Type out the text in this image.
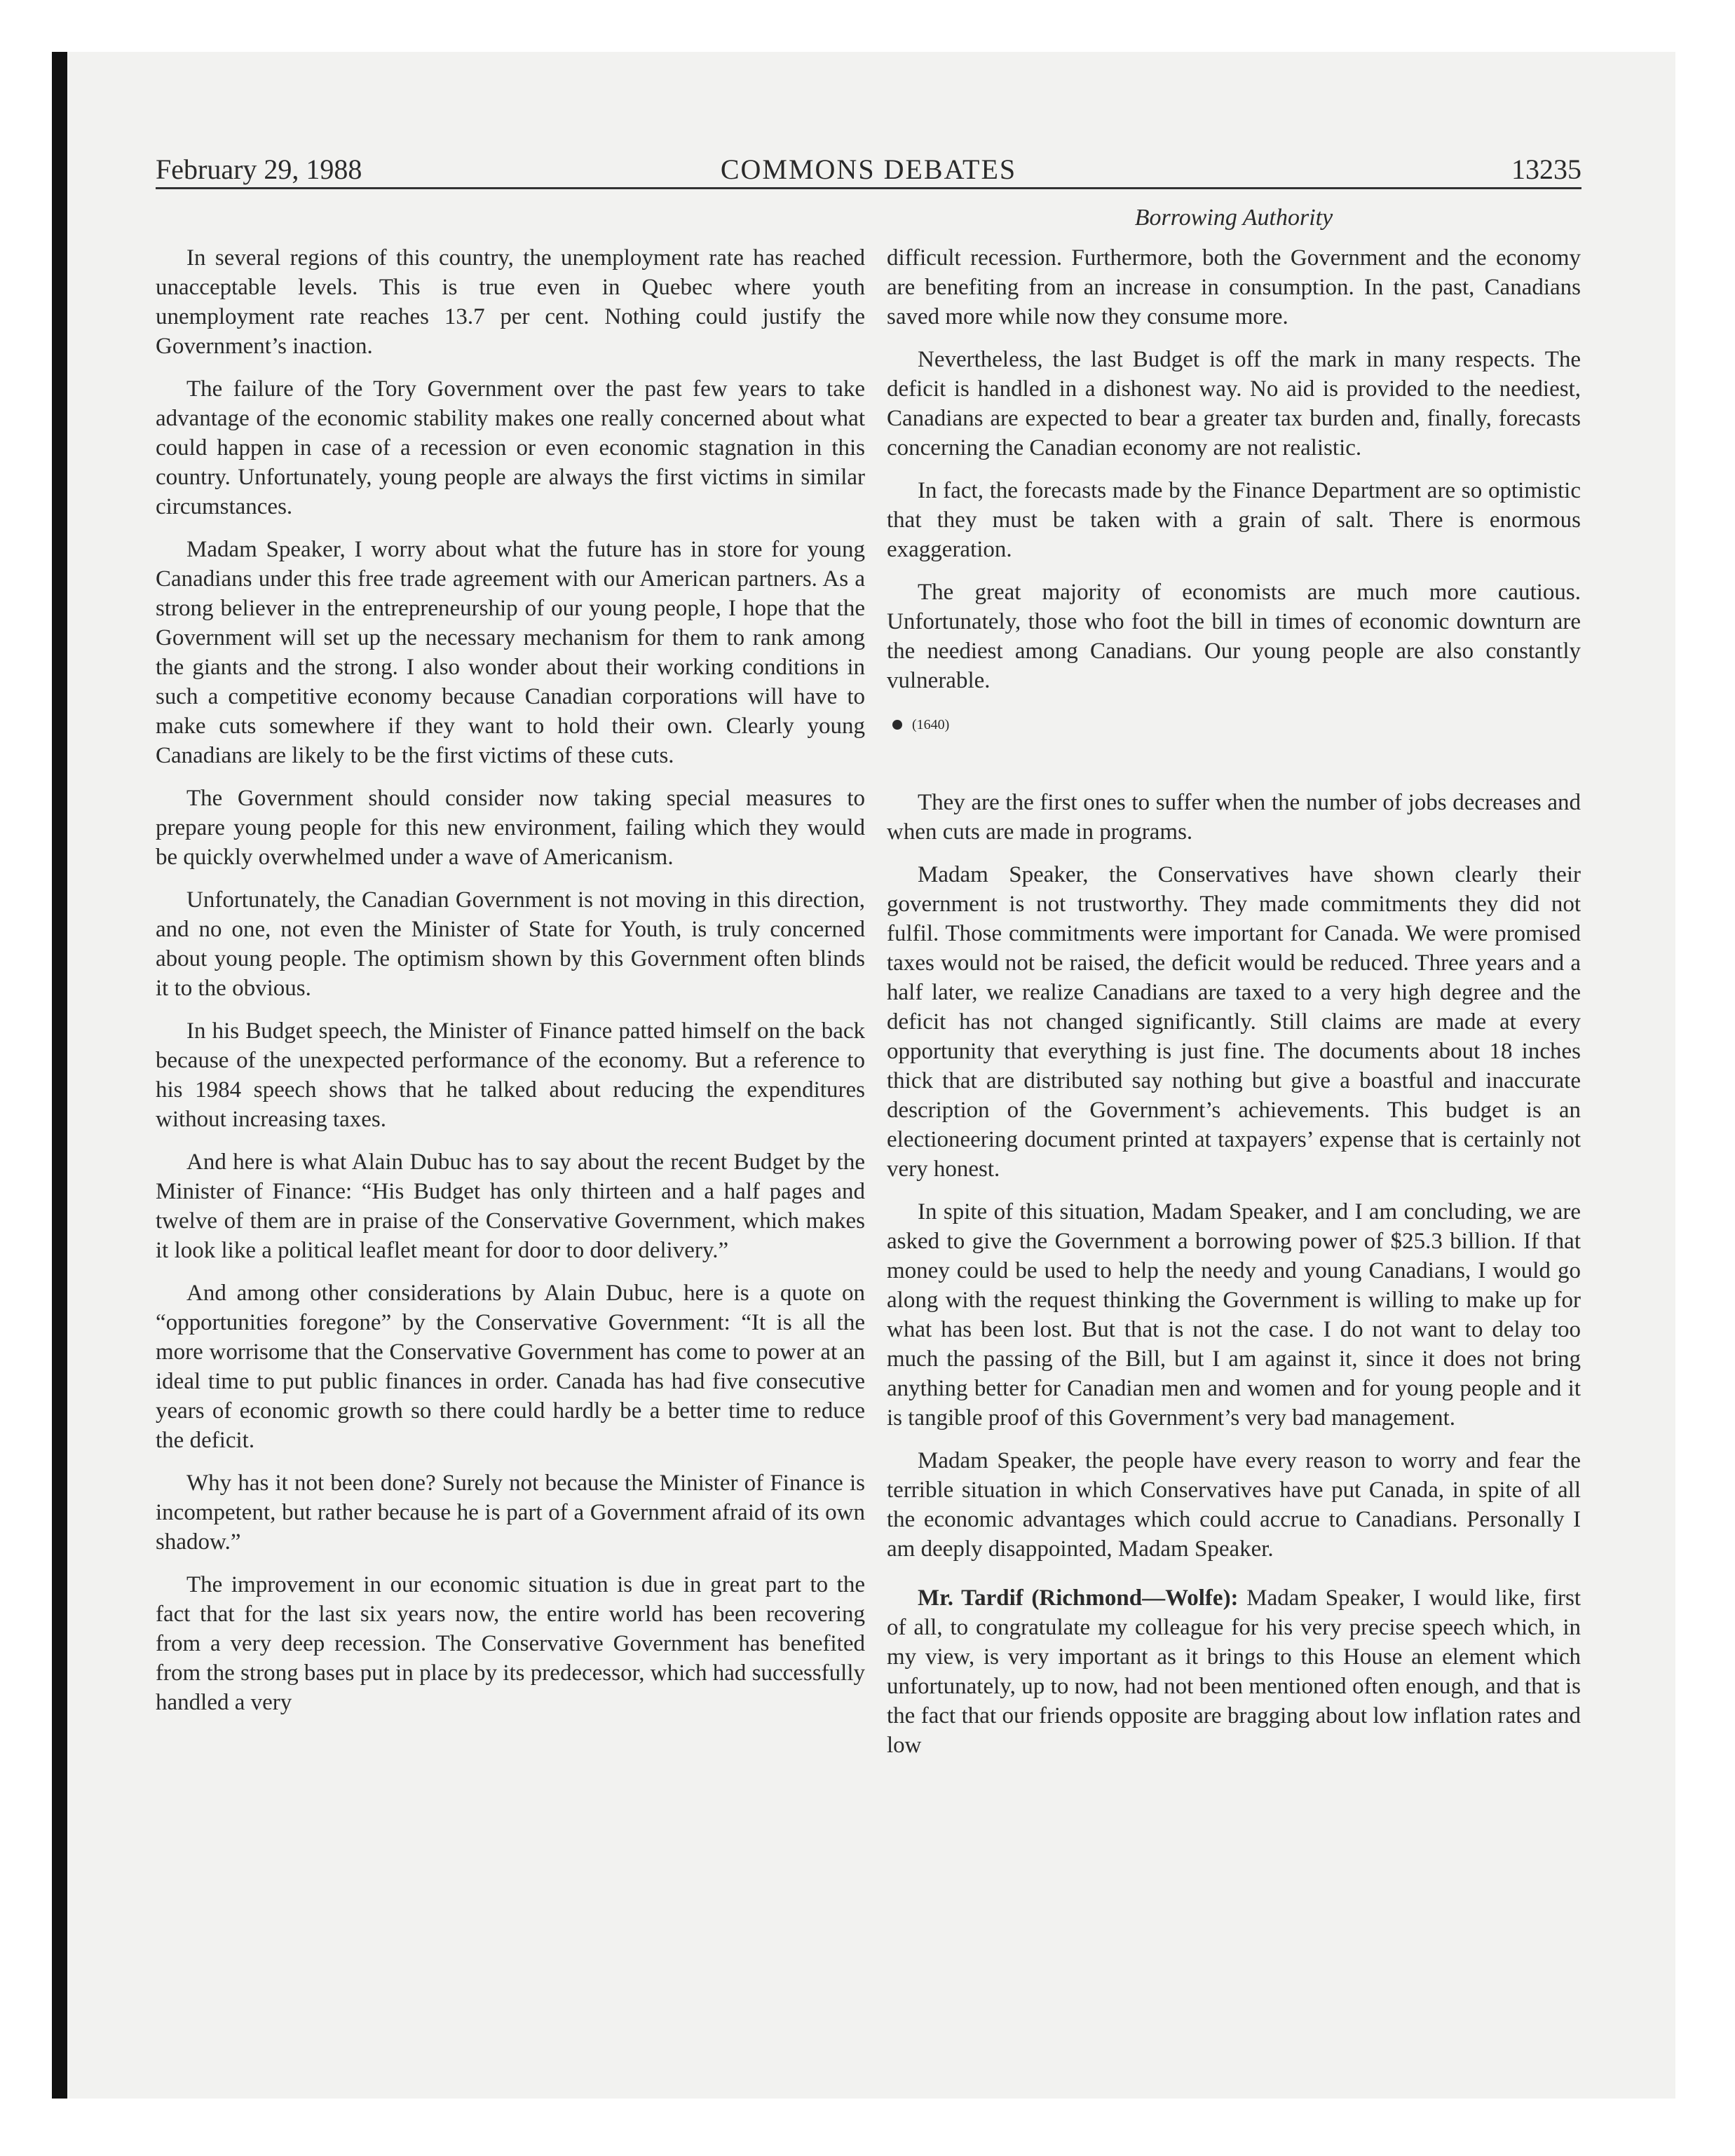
February 29, 1988	COMMONS DEBATES	13235
Borrowing Authority

In several regions of this country, the unemployment rate has reached unacceptable levels. This is true even in Quebec where youth unemployment rate reaches 13.7 per cent. Nothing could justify the Government’s inaction.

The failure of the Tory Government over the past few years to take advantage of the economic stability makes one really concerned about what could happen in case of a recession or even economic stagnation in this country. Unfortunately, young people are always the first victims in similar circumstances.

Madam Speaker, I worry about what the future has in store for young Canadians under this free trade agreement with our American partners. As a strong believer in the entrepreneurship of our young people, I hope that the Government will set up the necessary mechanism for them to rank among the giants and the strong. I also wonder about their working conditions in such a competitive economy because Canadian corporations will have to make cuts somewhere if they want to hold their own. Clearly young Canadians are likely to be the first victims of these cuts.

The Government should consider now taking special measures to prepare young people for this new environment, failing which they would be quickly overwhelmed under a wave of Americanism.

Unfortunately, the Canadian Government is not moving in this direction, and no one, not even the Minister of State for Youth, is truly concerned about young people. The optimism shown by this Government often blinds it to the obvious.

In his Budget speech, the Minister of Finance patted himself on the back because of the unexpected performance of the economy. But a reference to his 1984 speech shows that he talked about reducing the expenditures without increasing taxes.

And here is what Alain Dubuc has to say about the recent Budget by the Minister of Finance: “His Budget has only thirteen and a half pages and twelve of them are in praise of the Conservative Government, which makes it look like a political leaflet meant for door to door delivery.”

And among other considerations by Alain Dubuc, here is a quote on “opportunities foregone” by the Conservative Government: “It is all the more worrisome that the Conservative Government has come to power at an ideal time to put public finances in order. Canada has had five consecutive years of economic growth so there could hardly be a better time to reduce the deficit.

Why has it not been done? Surely not because the Minister of Finance is incompetent, but rather because he is part of a Government afraid of its own shadow.”

The improvement in our economic situation is due in great part to the fact that for the last six years now, the entire world has been recovering from a very deep recession. The Conservative Government has benefited from the strong bases put in place by its predecessor, which had successfully handled a very

difficult recession. Furthermore, both the Government and the economy are benefiting from an increase in consumption. In the past, Canadians saved more while now they consume more.

Nevertheless, the last Budget is off the mark in many respects. The deficit is handled in a dishonest way. No aid is provided to the neediest, Canadians are expected to bear a greater tax burden and, finally, forecasts concerning the Canadian economy are not realistic.

In fact, the forecasts made by the Finance Department are so optimistic that they must be taken with a grain of salt. There is enormous exaggeration.

The great majority of economists are much more cautious. Unfortunately, those who foot the bill in times of economic downturn are the neediest among Canadians. Our young people are also constantly vulnerable.

(1640)

They are the first ones to suffer when the number of jobs decreases and when cuts are made in programs.

Madam Speaker, the Conservatives have shown clearly their government is not trustworthy. They made commitments they did not fulfil. Those commitments were important for Canada. We were promised taxes would not be raised, the deficit would be reduced. Three years and a half later, we realize Canadians are taxed to a very high degree and the deficit has not changed significantly. Still claims are made at every opportunity that everything is just fine. The documents about 18 inches thick that are distributed say nothing but give a boastful and inaccurate description of the Government’s achievements. This budget is an electioneering document printed at taxpayers’ expense that is certainly not very honest.

In spite of this situation, Madam Speaker, and I am concluding, we are asked to give the Government a borrowing power of $25.3 billion. If that money could be used to help the needy and young Canadians, I would go along with the request thinking the Government is willing to make up for what has been lost. But that is not the case. I do not want to delay too much the passing of the Bill, but I am against it, since it does not bring anything better for Canadian men and women and for young people and it is tangible proof of this Government’s very bad management.

Madam Speaker, the people have every reason to worry and fear the terrible situation in which Conservatives have put Canada, in spite of all the economic advantages which could accrue to Canadians. Personally I am deeply disappointed, Madam Speaker.

Mr. Tardif (Richmond—Wolfe): Madam Speaker, I would like, first of all, to congratulate my colleague for his very precise speech which, in my view, is very important as it brings to this House an element which unfortunately, up to now, had not been mentioned often enough, and that is the fact that our friends opposite are bragging about low inflation rates and low
